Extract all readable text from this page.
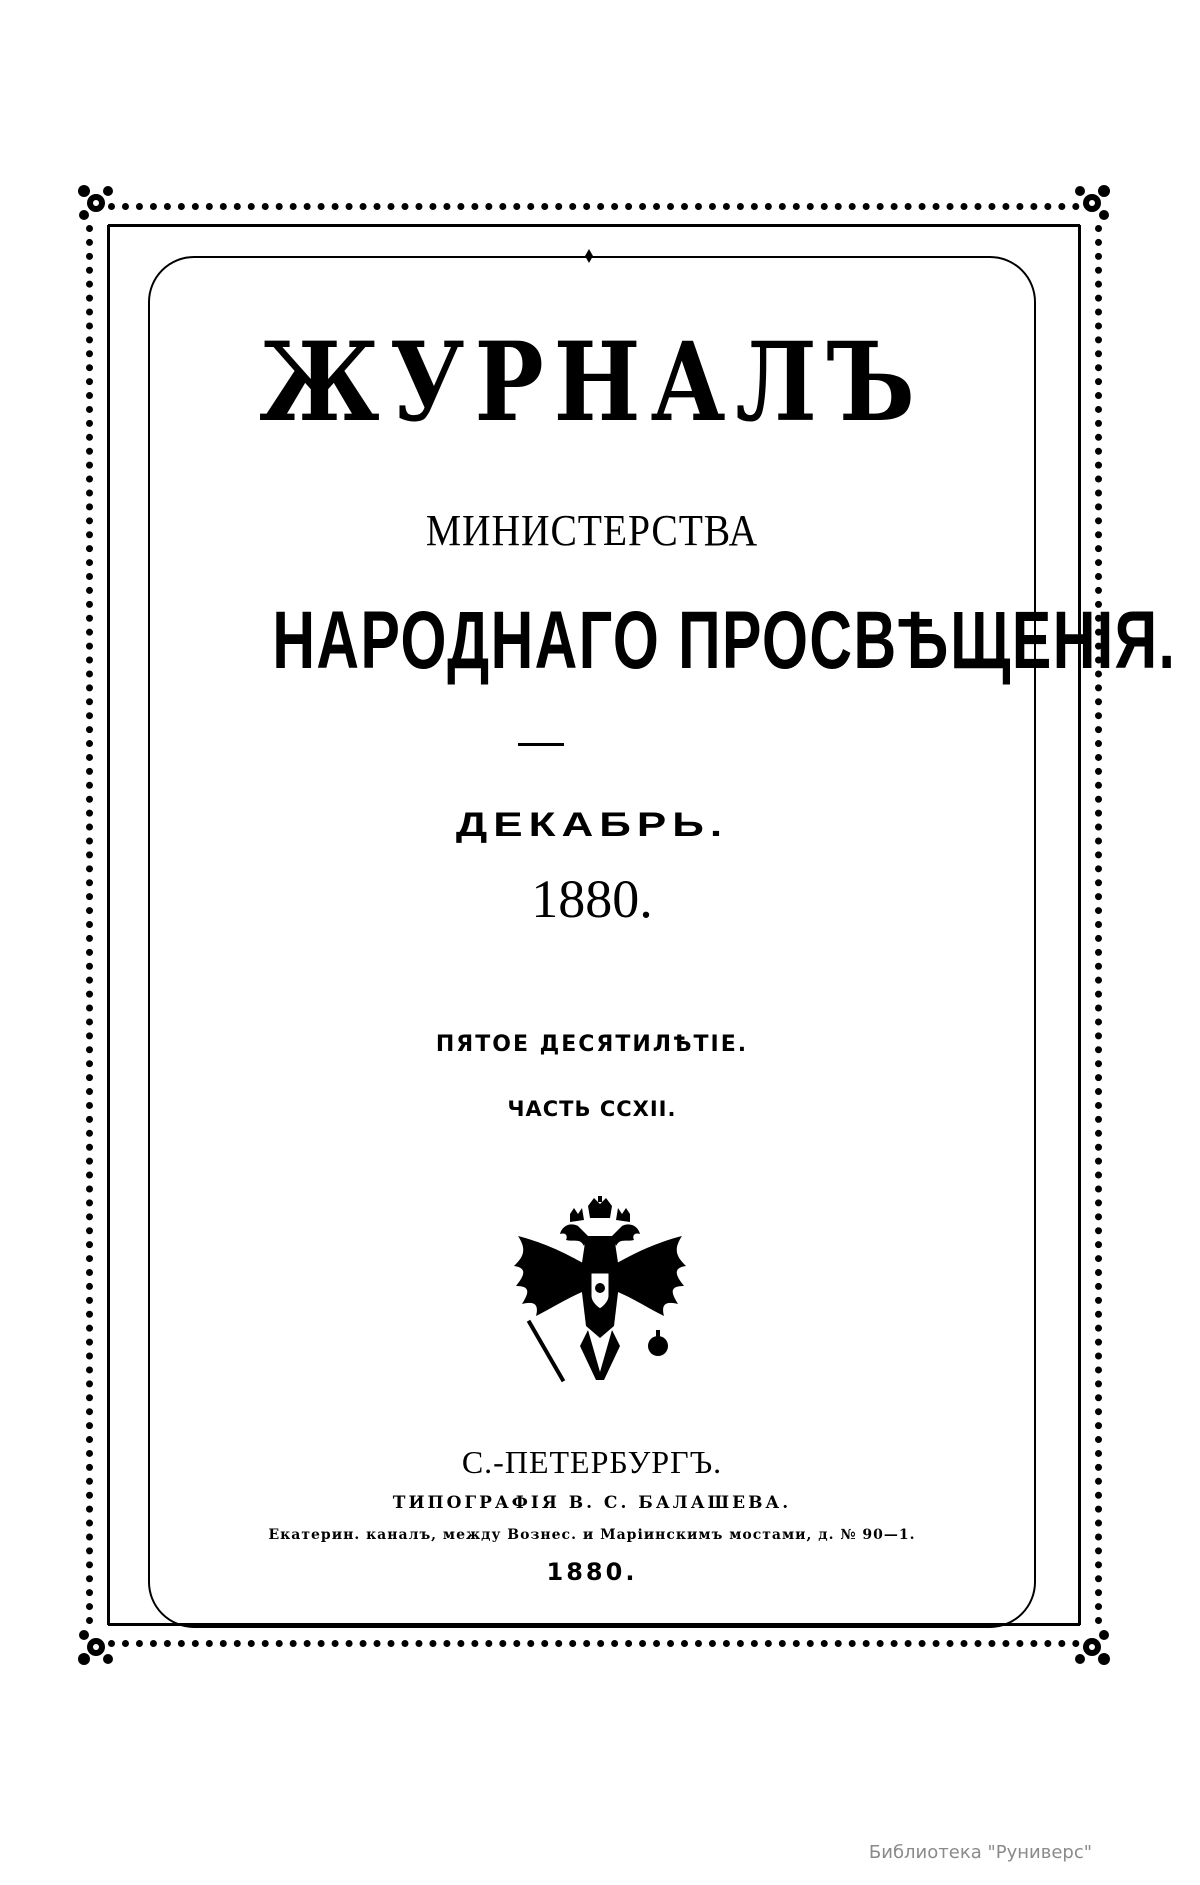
ЖУРНАЛЪ
МИНИСТЕРСТВА
НАРОДНАГО ПРОСВѢЩЕНІЯ.
ДЕКАБРЬ.
1880.
ПЯТОЕ ДЕСЯТИЛѢТІЕ.
ЧАСТЬ CCXII.
С.-ПЕТЕРБУРГЪ.
ТИПОГРАФІЯ В. С. БАЛАШЕВА.
Екатерин. каналъ, между Вознес. и Маріинскимъ мостами, д. № 90—1.
1880.
Библиотека "Руниверс"
